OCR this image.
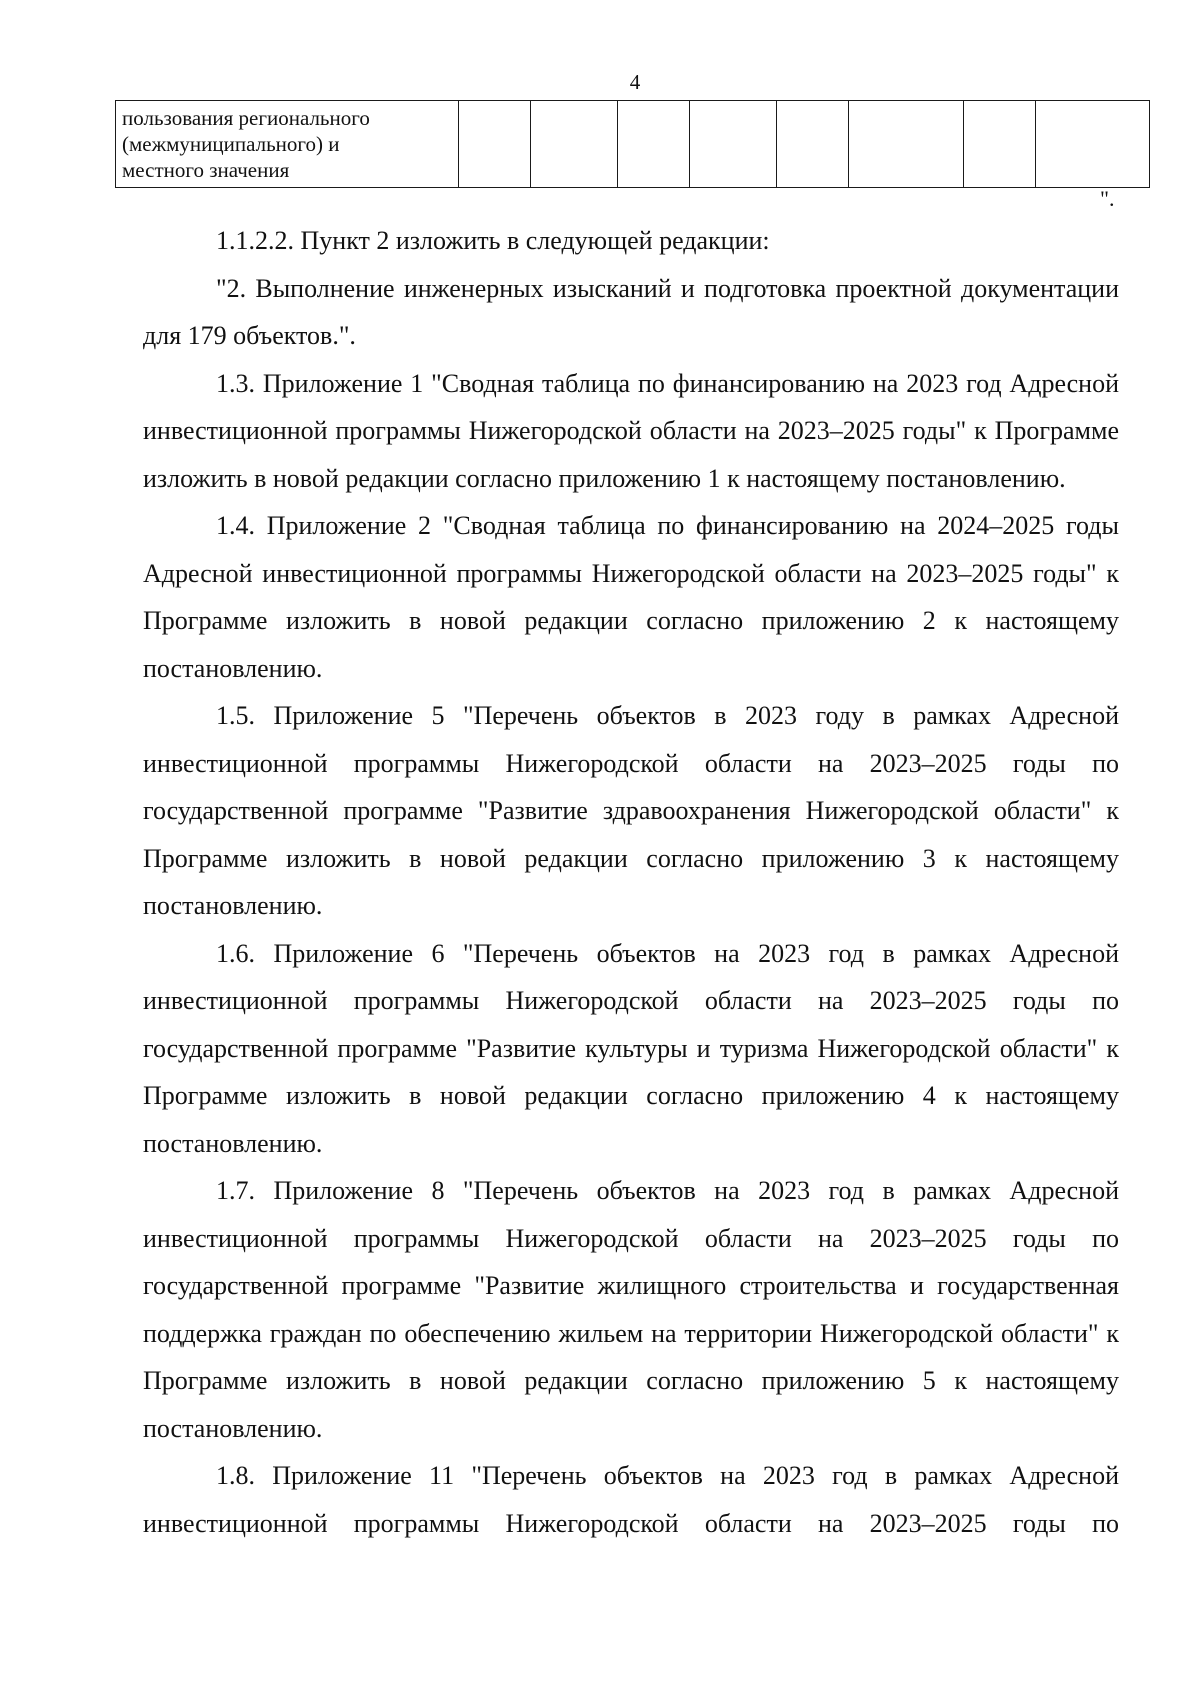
4
пользования регионального
(межмуниципального) и
местного значения

".

1.1.2.2. Пункт 2 изложить в следующей редакции:

"2. Выполнение инженерных изысканий и подготовка проектной документации для 179 объектов.".

1.3. Приложение 1 "Сводная таблица по финансированию на 2023 год Адресной инвестиционной программы Нижегородской области на 2023–2025 годы" к Программе изложить в новой редакции согласно приложению 1 к настоящему постановлению.

1.4. Приложение 2 "Сводная таблица по финансированию на 2024–2025 годы Адресной инвестиционной программы Нижегородской области на 2023–2025 годы" к Программе изложить в новой редакции согласно приложению 2 к настоящему постановлению.

1.5. Приложение 5 "Перечень объектов в 2023 году в рамках Адресной инвестиционной программы Нижегородской области на 2023–2025 годы по государственной программе "Развитие здравоохранения Нижегородской области" к Программе изложить в новой редакции согласно приложению 3 к настоящему постановлению.

1.6. Приложение 6 "Перечень объектов на 2023 год в рамках Адресной инвестиционной программы Нижегородской области на 2023–2025 годы по государственной программе "Развитие культуры и туризма Нижегородской области" к Программе изложить в новой редакции согласно приложению 4 к настоящему постановлению.

1.7. Приложение 8 "Перечень объектов на 2023 год в рамках Адресной инвестиционной программы Нижегородской области на 2023–2025 годы по государственной программе "Развитие жилищного строительства и государственная поддержка граждан по обеспечению жильем на территории Нижегородской области" к Программе изложить в новой редакции согласно приложению 5 к настоящему постановлению.

1.8. Приложение 11 "Перечень объектов на 2023 год в рамках Адресной инвестиционной программы Нижегородской области на 2023–2025 годы по
